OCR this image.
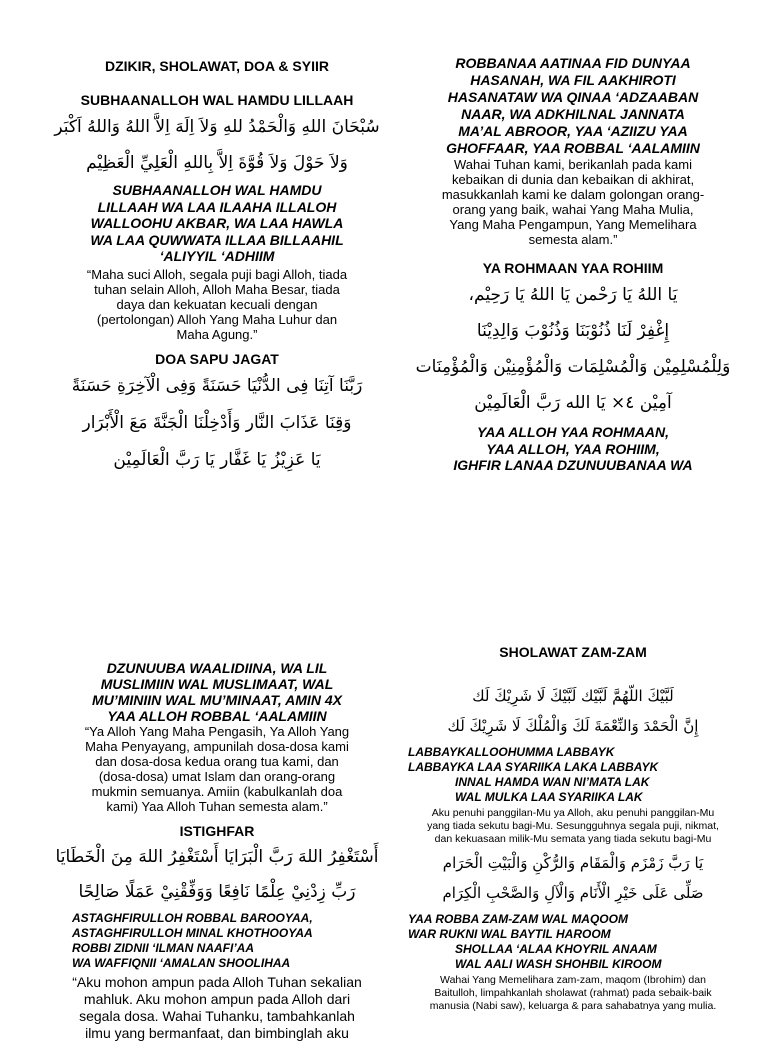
DZIKIR, SHOLAWAT, DOA & SYIIR

SUBHAANALLOH WAL HAMDU LILLAAH

سُبْحَانَ اللهِ وَالْحَمْدُ للهِ وَلاَ اِلَهَ اِلاَّ اللهُ وَاللهُ اَكْبَر

وَلاَ حَوْلَ وَلاَ قُوَّةَ اِلاَّ بِاللهِ الْعَلِيِّ الْعَظِيْم

SUBHAANALLOH WAL HAMDU

LILLAAH WA LAA ILAAHA ILLALOH

WALLOOHU AKBAR, WA LAA HAWLA

WA LAA QUWWATA ILLAA BILLAAHIL

‘ALIYYIL ‘ADHIIM

“Maha suci Alloh, segala puji bagi Alloh, tiada

tuhan selain Alloh, Alloh Maha Besar, tiada

daya dan kekuatan kecuali dengan

(pertolongan) Alloh Yang Maha Luhur dan

Maha Agung.”

DOA SAPU JAGAT

رَبَّنَا آتِنَا فِى الدُّنْيَا حَسَنَةً وَفِى الْآخِرَةِ حَسَنَةً

وَقِنَا عَذَابَ النَّار وَأَدْخِلْنَا الْجَنَّةَ مَعَ الْأَبْرَار

يَا عَزِيْزُ يَا غَفَّار يَا رَبَّ الْعَالَمِيْن

ROBBANAA AATINAA FID DUNYAA

HASANAH, WA FIL AAKHIROTI

HASANATAW WA QINAA ‘ADZAABAN

NAAR, WA ADKHILNAL JANNATA

MA’AL ABROOR, YAA ‘AZIIZU YAA

GHOFFAAR, YAA ROBBAL ‘AALAMIIN

Wahai Tuhan kami, berikanlah pada kami

kebaikan di dunia dan kebaikan di akhirat,

masukkanlah kami ke dalam golongan orang-

orang yang baik, wahai Yang Maha Mulia,

Yang Maha Pengampun, Yang Memelihara

semesta alam.”

YA ROHMAAN YAA ROHIIM

يَا اللهُ يَا رَحْمن يَا اللهُ يَا رَحِيْم،

إِغْفِرْ لَنَا ذُنُوْبَنَا وَذُنُوْبَ وَالِدِيْنَا

وَلِلْمُسْلِمِيْن وَالْمُسْلِمَات وَالْمُؤْمِنِيْن وَالْمُؤْمِنَات

آمِيْن ٤× يَا الله رَبَّ الْعَالَمِيْن

YAA ALLOH YAA ROHMAAN,

YAA ALLOH, YAA ROHIIM,

IGHFIR LANAA DZUNUUBANAA WA

DZUNUUBA WAALIDIINA, WA LIL

MUSLIMIIN WAL MUSLIMAAT, WAL

MU’MINIIN WAL MU’MINAAT, AMIN 4X

YAA ALLOH ROBBAL ‘AALAMIIN

“Ya Alloh Yang Maha Pengasih, Ya Alloh Yang

Maha Penyayang, ampunilah dosa-dosa kami

dan dosa-dosa kedua orang tua kami, dan

(dosa-dosa) umat Islam dan orang-orang

mukmin semuanya. Amiin (kabulkanlah doa

kami) Yaa Alloh Tuhan semesta alam.”

ISTIGHFAR

أَسْتَغْفِرُ اللهَ رَبَّ الْبَرَايَا أَسْتَغْفِرُ اللهَ مِنَ الْخَطَايَا

رَبِّ زِدْنِيْ عِلْمًا نَافِعًا وَوَفِّقْنِيْ عَمَلًا صَالِحًا

ASTAGHFIRULLOH ROBBAL BAROOYAA,

ASTAGHFIRULLOH MINAL KHOTHOOYAA

ROBBI ZIDNII ‘ILMAN NAAFI’AA

WA WAFFIQNII ‘AMALAN SHOOLIHAA

“Aku mohon ampun pada Alloh Tuhan sekalian

mahluk. Aku mohon ampun pada Alloh dari

segala dosa. Wahai Tuhanku, tambahkanlah

ilmu yang bermanfaat, dan bimbinglah aku

SHOLAWAT ZAM-ZAM

لَبَّيْكَ اللّهُمَّ لَبَّيْك لَبَّيْكَ لَا شَرِيْكَ لَك

إِنَّ الْحَمْدَ وَالنِّعْمَةَ لَكَ وَالْمُلْكَ لَا شَرِيْكَ لَك

LABBAYKALLOOHUMMA LABBAYK

LABBAYKA LAA SYARIIKA LAKA LABBAYK

INNAL HAMDA WAN NI’MATA LAK

WAL MULKA LAA SYARIIKA LAK

Aku penuhi panggilan-Mu ya Alloh, aku penuhi panggilan-Mu

yang tiada sekutu bagi-Mu. Sesungguhnya segala puji, nikmat,

dan kekuasaan milik-Mu semata yang tiada sekutu bagi-Mu

يَا رَبَّ زَمْزَم وَالْمَقَام وَالرُّكْنِ وَالْبَيْتِ الْحَرَام

صَلِّى عَلَى خَيْرِ الْأَنَام وَالْآلِ وَالصَّحْبِ الْكِرَام

YAA ROBBA ZAM-ZAM WAL MAQOOM

WAR RUKNI WAL BAYTIL HAROOM

SHOLLAA ‘ALAA KHOYRIL ANAAM

WAL AALI WASH SHOHBIL KIROOM

Wahai Yang Memelihara zam-zam, maqom (Ibrohim) dan

Baitulloh, limpahkanlah sholawat (rahmat) pada sebaik-baik

manusia (Nabi saw), keluarga & para sahabatnya yang mulia.
